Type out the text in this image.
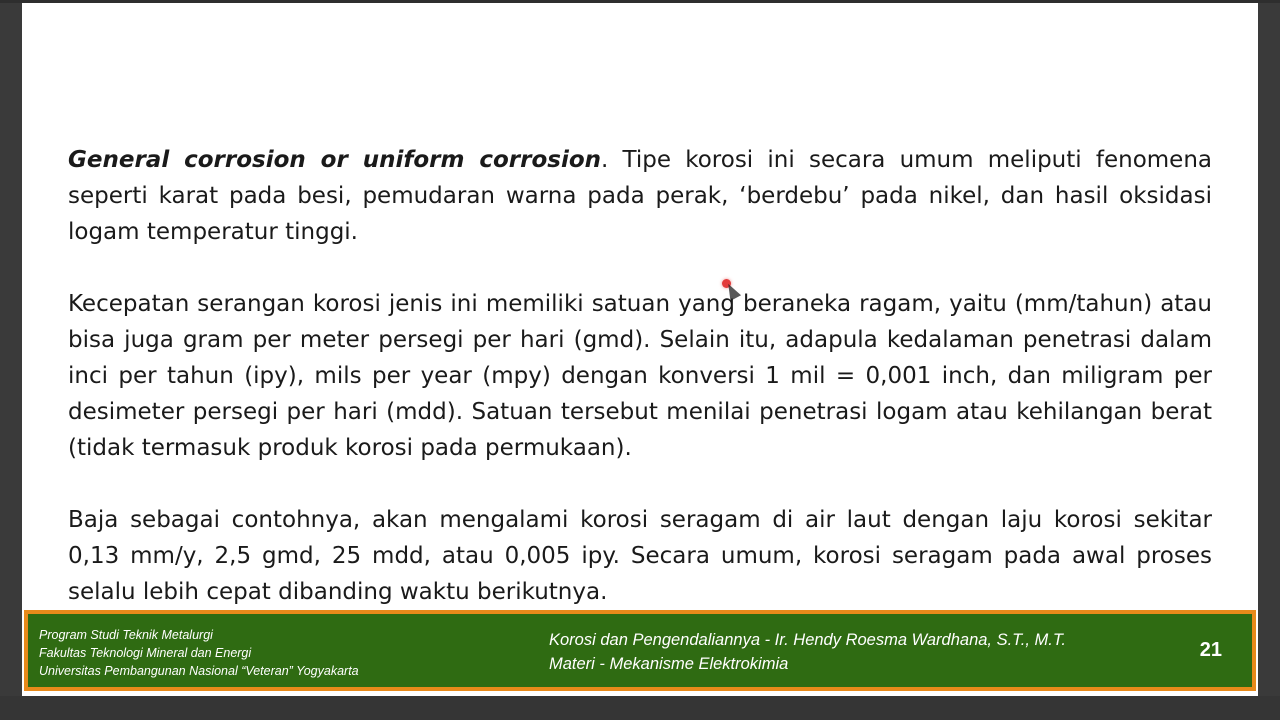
General corrosion or uniform corrosion. Tipe korosi ini secara umum meliputi fenomena seperti karat pada besi, pemudaran warna pada perak, ‘berdebu’ pada nikel, dan hasil oksidasi logam temperatur tinggi.

Kecepatan serangan korosi jenis ini memiliki satuan yang beraneka ragam, yaitu (mm/tahun) atau bisa juga gram per meter persegi per hari (gmd). Selain itu, adapula kedalaman penetrasi dalam inci per tahun (ipy), mils per year (mpy) dengan konversi 1 mil = 0,001 inch, dan miligram per desimeter persegi per hari (mdd). Satuan tersebut menilai penetrasi logam atau kehilangan berat (tidak termasuk produk korosi pada permukaan).

Baja sebagai contohnya, akan mengalami korosi seragam di air laut dengan laju korosi sekitar 0,13 mm/y, 2,5 gmd, 25 mdd, atau 0,005 ipy. Secara umum, korosi seragam pada awal proses selalu lebih cepat dibanding waktu berikutnya.

Program Studi Teknik Metalurgi
Fakultas Teknologi Mineral dan Energi
Universitas Pembangunan Nasional “Veteran” Yogyakarta
Korosi dan Pengendaliannya - Ir. Hendy Roesma Wardhana, S.T., M.T.
Materi - Mekanisme Elektrokimia
21
